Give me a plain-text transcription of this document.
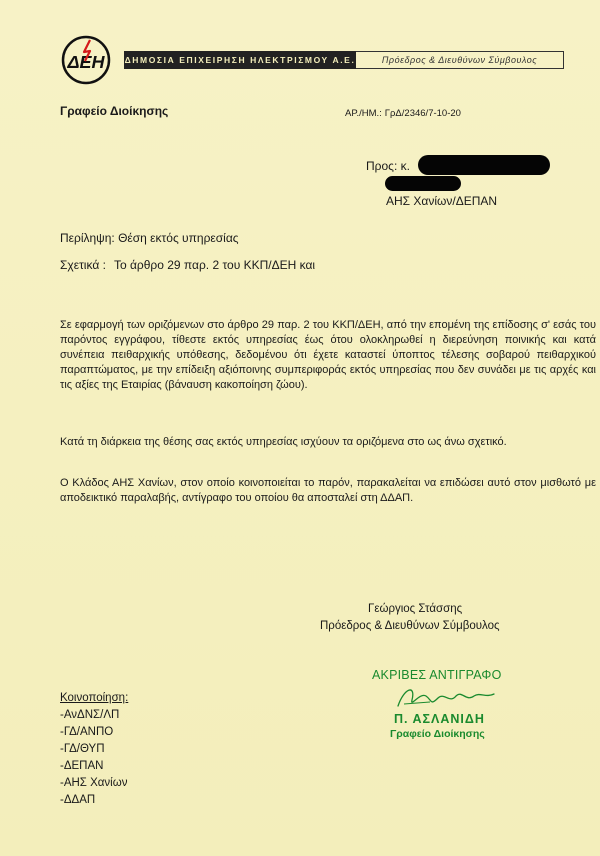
ΔΕΗ ΔΗΜΟΣΙΑ ΕΠΙΧΕΙΡΗΣΗ ΗΛΕΚΤΡΙΣΜΟΥ Α.Ε.	Πρόεδρος & Διευθύνων Σύμβουλος
Γραφείο Διοίκησης	ΑΡ./ΗΜ.: ΓρΔ/2346/7-10-20
Προς: κ.
ΑΗΣ Χανίων/ΔΕΠΑΝ
Περίληψη: Θέση εκτός υπηρεσίας
Σχετικά : Το άρθρο 29 παρ. 2 του ΚΚΠ/ΔΕΗ και
Σε εφαρμογή των οριζόμενων στο άρθρο 29 παρ. 2 του ΚΚΠ/ΔΕΗ, από την επομένη της επίδοσης σ' εσάς του παρόντος εγγράφου, τίθεστε εκτός υπηρεσίας έως ότου ολοκληρωθεί η διερεύνηση ποινικής και κατά συνέπεια πειθαρχικής υπόθεσης, δεδομένου ότι έχετε καταστεί ύποπτος τέλεσης σοβαρού πειθαρχικού παραπτώματος, με την επίδειξη αξιόποινης συμπεριφοράς εκτός υπηρεσίας που δεν συνάδει με τις αρχές και τις αξίες της Εταιρίας (βάναυση κακοποίηση ζώου).
Κατά τη διάρκεια της θέσης σας εκτός υπηρεσίας ισχύουν τα οριζόμενα στο ως άνω σχετικό.
Ο Κλάδος ΑΗΣ Χανίων, στον οποίο κοινοποιείται το παρόν, παρακαλείται να επιδώσει αυτό στον μισθωτό με αποδεικτικό παραλαβής, αντίγραφο του οποίου θα αποσταλεί στη ΔΔΑΠ.
Γεώργιος Στάσσης
Πρόεδρος & Διευθύνων Σύμβουλος
ΑΚΡΙΒΕΣ ΑΝΤΙΓΡΑΦΟ
Π. ΑΣΛΑΝΙΔΗ
Γραφείο Διοίκησης
Κοινοποίηση:
-ΑνΔΝΣ/ΛΠ
-ΓΔ/ΑΝΠΟ
-ΓΔ/ΘΥΠ
-ΔΕΠΑΝ
-ΑΗΣ Χανίων
-ΔΔΑΠ
